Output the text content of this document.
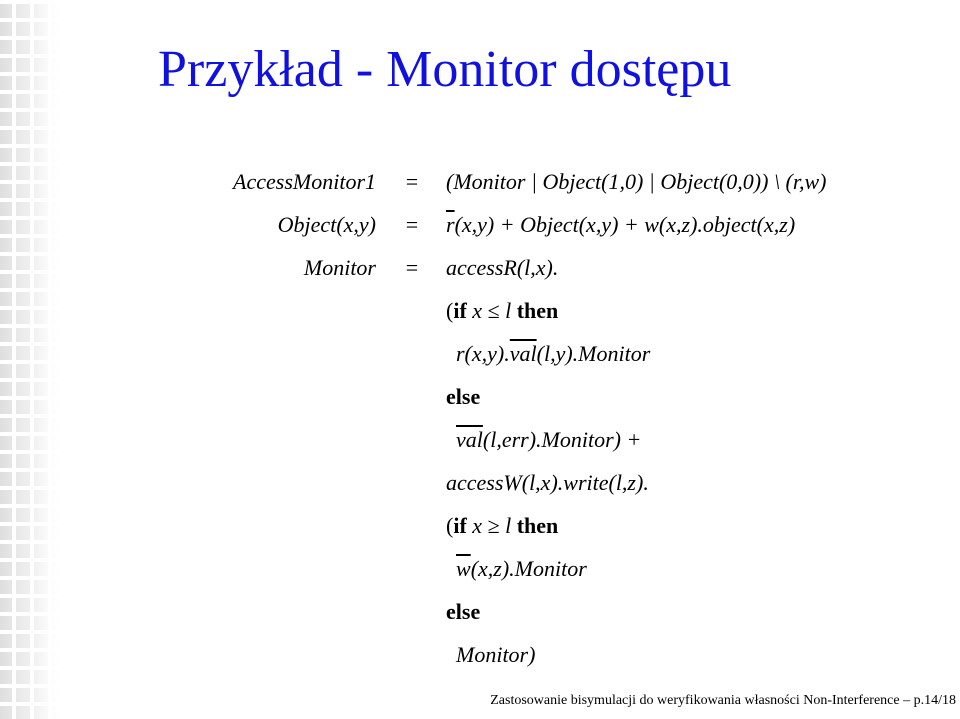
Przykład - Monitor dostępu
AccessMonitor1 = (Monitor | Object(1,0) | Object(0,0)) \ (r,w)
Object(x,y) = $\overline{r}(x,y)$ + Object(x,y) + w(x,z).object(x,z)
Monitor = accessR(l,x).
(if x ≤ l then
$r(x,y).\overline{val}(l,y).Monitor$
else
$\overline{val}(l,err).Monitor$) +
accessW(l,x).write(l,z).
(if x ≥ l then
$\overline{w}(x,z).Monitor$
else
Monitor)
Zastosowanie bisymulacji do weryfikowania własności Non-Interference – p.14/18
